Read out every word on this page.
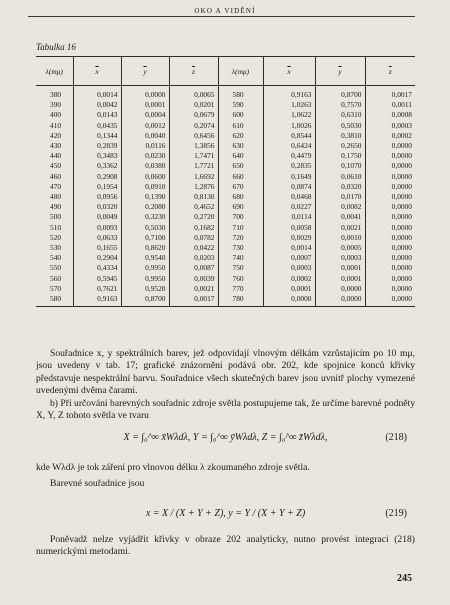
OKO A VIDĚNÍ
Tabulka 16
λ(mμ)	$\overline{x}$	$\overline{y}$	$\overline{z}$	λ(mμ)	$\overline{x}$	$\overline{y}$	$\overline{z}$
380	0,0014	0,0000	0,0065	580	0,9163	0,8700	0,0017
390	0,0042	0,0001	0,0201	590	1,0263	0,7570	0,0011
400	0,0143	0,0004	0,0679	600	1,0622	0,6310	0,0008
410	0,0435	0,0012	0,2074	610	1,0026	0,5030	0,0003
420	0,1344	0,0040	0,6456	620	0,8544	0,3810	0,0002
430	0,2839	0,0116	1,3856	630	0,6424	0,2650	0,0000
440	0,3483	0,0230	1,7471	640	0,4479	0,1750	0,0000
450	0,3362	0,0380	1,7721	650	0,2835	0,1070	0,0000
460	0,2908	0,0600	1,6692	660	0,1649	0,0610	0,0000
470	0,1954	0,0910	1,2876	670	0,0874	0,0320	0,0000
480	0,0956	0,1390	0,8130	680	0,0468	0,0170	0,0000
490	0,0320	0,2080	0,4652	690	0,0227	0,0082	0,0000
500	0,0049	0,3230	0,2720	700	0,0114	0,0041	0,0000
510	0,0093	0,5030	0,1682	710	0,0058	0,0021	0,0000
520	0,0633	0,7100	0,0782	720	0,0029	0,0010	0,0000
530	0,1655	0,8620	0,0422	730	0,0014	0,0005	0,0000
540	0,2904	0,9540	0,0203	740	0,0007	0,0003	0,0000
550	0,4334	0,9950	0,0087	750	0,0003	0,0001	0,0000
560	0,5945	0,9950	0,0039	760	0,0002	0,0001	0,0000
570	0,7621	0,9520	0,0021	770	0,0001	0,0000	0,0000
580	0,9163	0,8700	0,0017	780	0,0000	0,0000	0,0000
Souřadnice x, y spektrálních barev, jež odpovídají vlnovým délkám vzrůstajícím po 10 mμ, jsou uvedeny v tab. 17; grafické znázornění podává obr. 202, kde spojnice konců křivky představuje nespektrální barvu. Souřadnice všech skutečných barev jsou uvnitř plochy vymezené uvedenými dvěma čarami.
b) Při určování barevných souřadnic zdroje světla postupujeme tak, že určíme barevné podněty X, Y, Z tohoto světla ve tvaru
X = ∫₀^∞ x̄Wλdλ, Y = ∫₀^∞ ȳWλdλ, Z = ∫₀^∞ z̄Wλdλ,	(218)
kde Wλdλ je tok záření pro vlnovou délku λ zkoumaného zdroje světla.
Barevné souřadnice jsou
x = X / (X + Y + Z), y = Y / (X + Y + Z)	(219)
Poněvadž nelze vyjádřit křivky v obraze 202 analyticky, nutno provést integraci (218) numerickými metodami.
245
